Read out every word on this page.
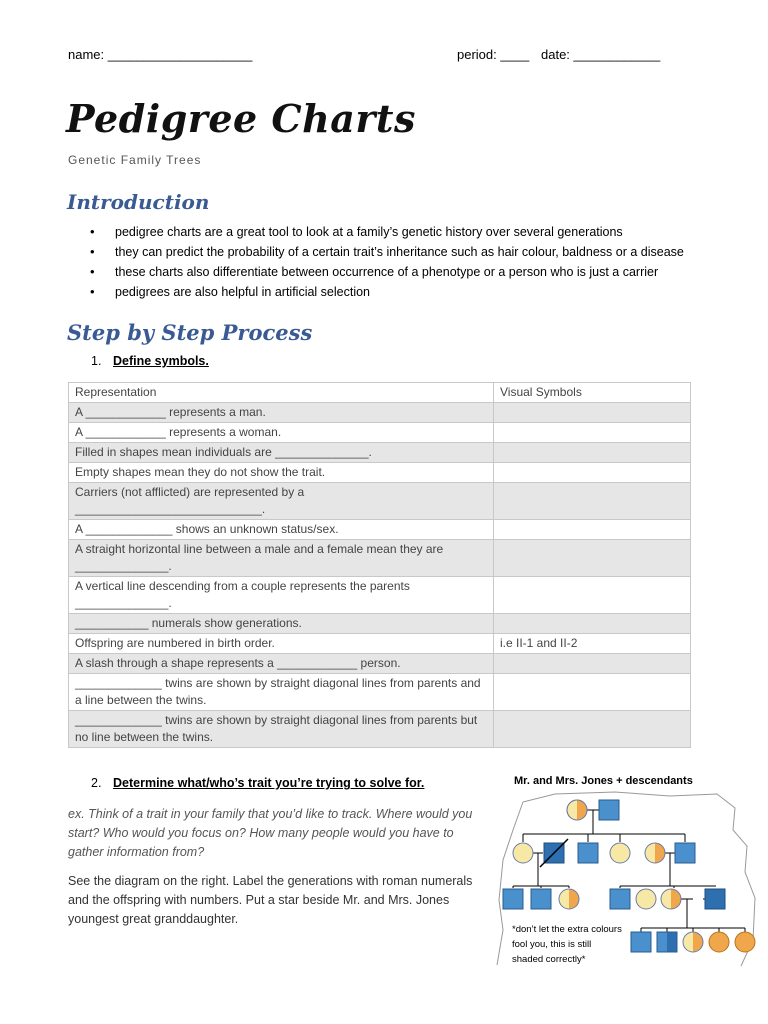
name: ____________________	period: ____ date: ____________
Pedigree Charts
Genetic Family Trees
Introduction
• pedigree charts are a great tool to look at a family’s genetic history over several generations
• they can predict the probability of a certain trait’s inheritance such as hair colour, baldness or a disease
• these charts also differentiate between occurrence of a phenotype or a person who is just a carrier
• pedigrees are also helpful in artificial selection
Step by Step Process
1. Define symbols.
Representation	Visual Symbols
A ____________ represents a man.	
A ____________ represents a woman.	
Filled in shapes mean individuals are ______________.	
Empty shapes mean they do not show the trait.	
Carriers (not afflicted) are represented by a ____________________________.	
A _____________ shows an unknown status/sex.	
A straight horizontal line between a male and a female mean they are ______________.	
A vertical line descending from a couple represents the parents ______________.	
___________ numerals show generations.	
Offspring are numbered in birth order.	i.e II-1 and II-2
A slash through a shape represents a ____________ person.	
_____________ twins are shown by straight diagonal lines from parents and a line between the twins.	
_____________ twins are shown by straight diagonal lines from parents but no line between the twins.	
2. Determine what/who’s trait you’re trying to solve for.
ex. Think of a trait in your family that you’d like to track. Where would you start? Who would you focus on? How many people would you have to gather information from?
See the diagram on the right. Label the generations with roman numerals and the offspring with numbers. Put a star beside Mr. and Mrs. Jones youngest great granddaughter.
Mr. and Mrs. Jones + descendants
*don’t let the extra colours fool you, this is still shaded correctly*
